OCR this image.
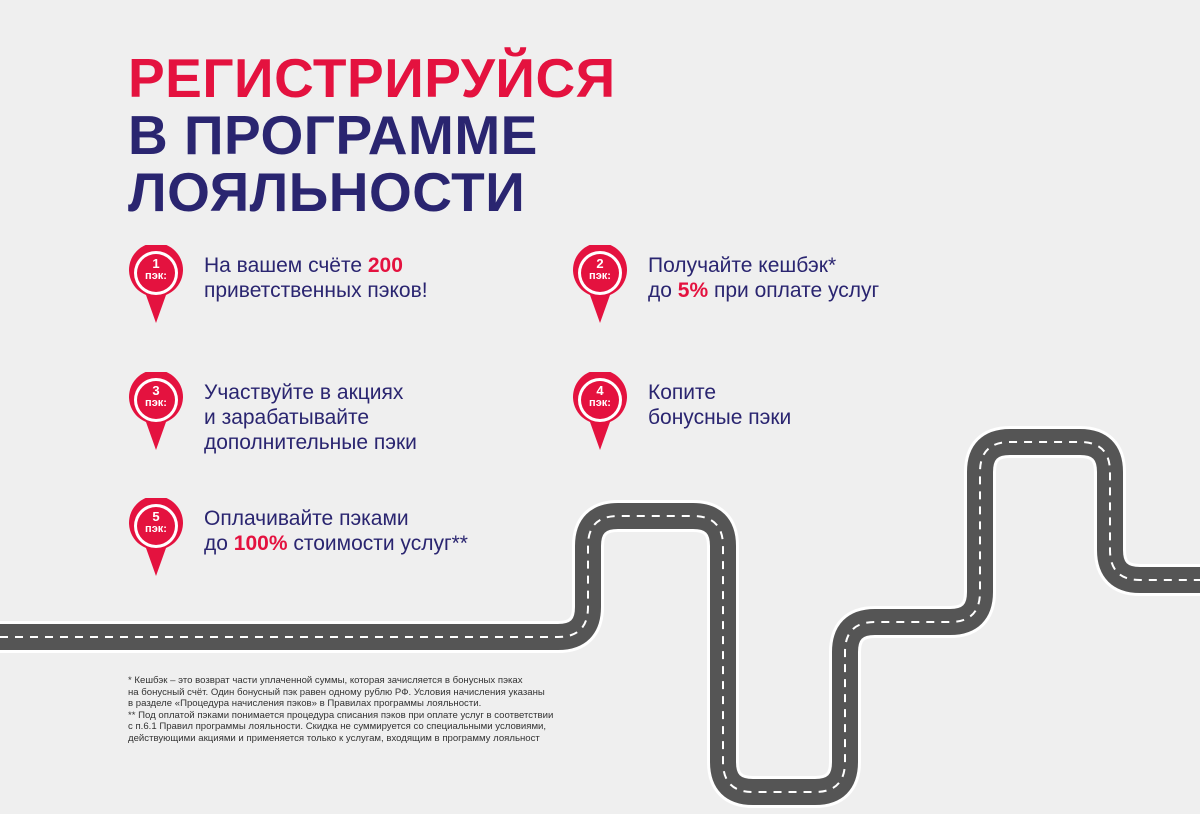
РЕГИСТРИРУЙСЯ
В ПРОГРАММЕ
ЛОЯЛЬНОСТИ
1
пэк:	На вашем счёте 200
приветственных пэков!
2
пэк:	Получайте кешбэк*
до 5% при оплате услуг
3
пэк:	Участвуйте в акциях
и зарабатывайте
дополнительные пэки
4
пэк:	Копите
бонусные пэки
5
пэк:	Оплачивайте пэками
до 100% стоимости услуг**
* Кешбэк – это возврат части уплаченной суммы, которая зачисляется в бонусных пэках
на бонусный счёт. Один бонусный пэк равен одному рублю РФ. Условия начисления указаны
в разделе «Процедура начисления пэков» в Правилах программы лояльности.
** Под оплатой пэками понимается процедура списания пэков при оплате услуг в соответствии
с п.6.1 Правил программы лояльности. Скидка не суммируется со специальными условиями,
действующими акциями и применяется только к услугам, входящим в программу лояльност
